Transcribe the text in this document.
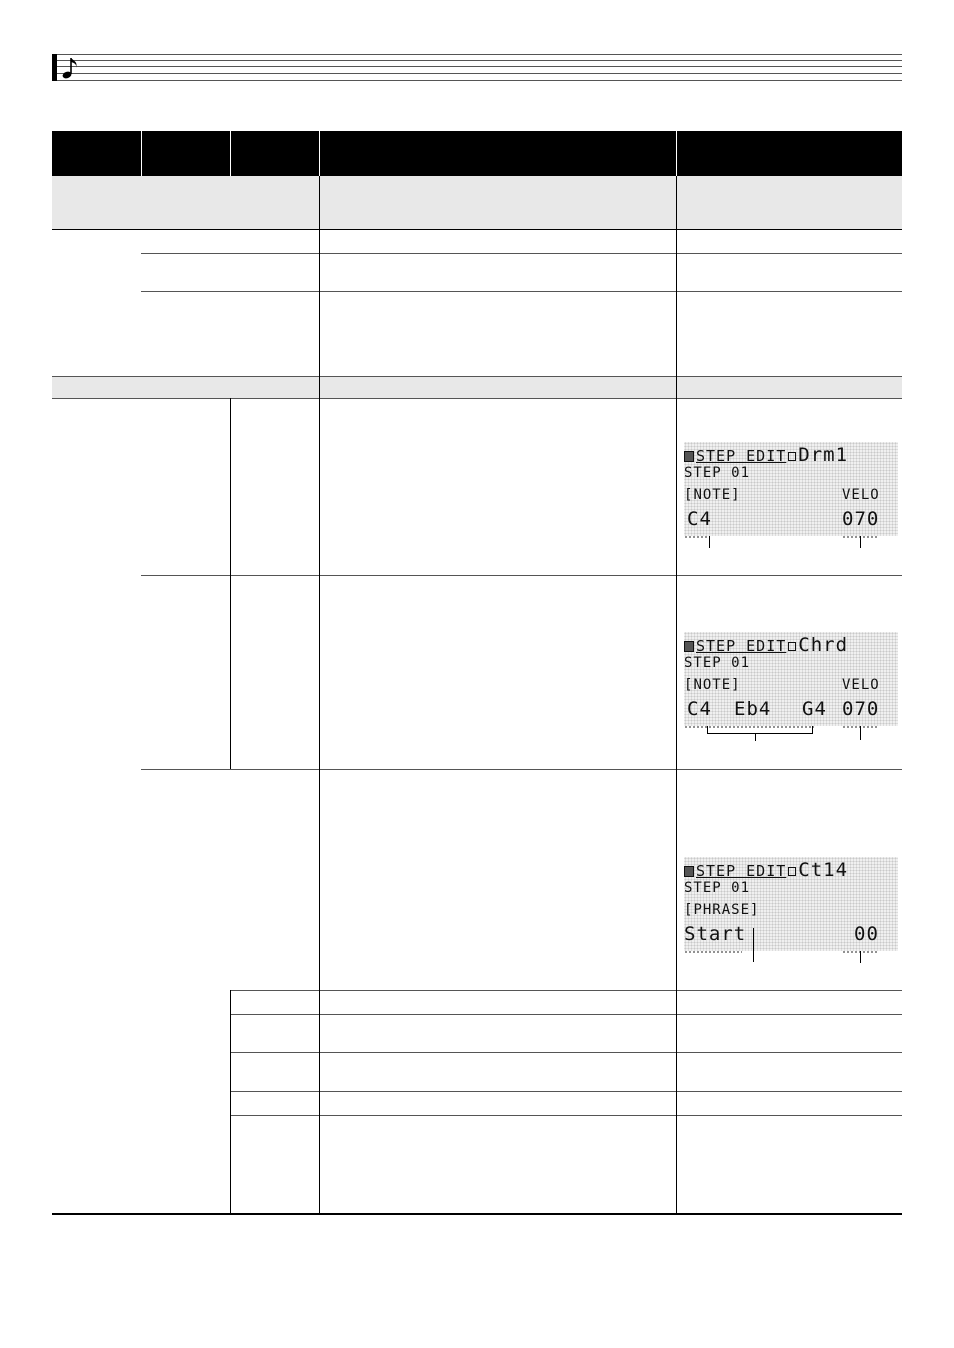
STEP EDIT Drm1
STEP 01
[NOTE]	VELO
C4	070
STEP EDIT Chrd
STEP 01
[NOTE]	VELO
C4 Eb4 G4 070
STEP EDIT Ct14
STEP 01
[PHRASE]
Start	00
